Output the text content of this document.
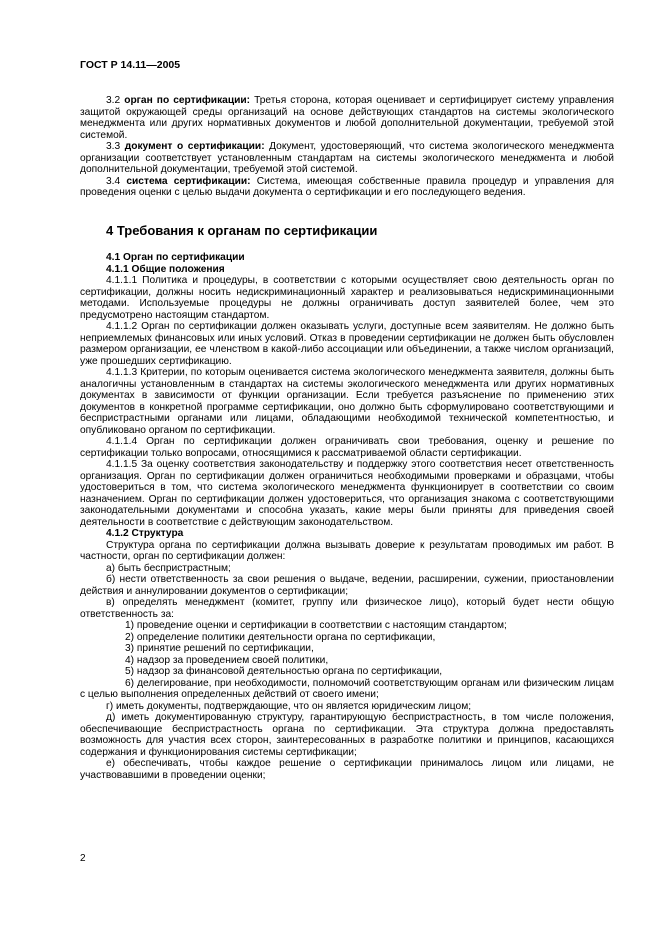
ГОСТ Р 14.11—2005

3.2 орган по сертификации: Третья сторона, которая оценивает и сертифицирует систему управления защитой окружающей среды организаций на основе действующих стандартов на системы экологического менеджмента или других нормативных документов и любой дополнительной документации, требуемой этой системой.

3.3 документ о сертификации: Документ, удостоверяющий, что система экологического менеджмента организации соответствует установленным стандартам на системы экологического менеджмента и любой дополнительной документации, требуемой этой системой.

3.4 система сертификации: Система, имеющая собственные правила процедур и управления для проведения оценки с целью выдачи документа о сертификации и его последующего ведения.

4 Требования к органам по сертификации

4.1 Орган по сертификации

4.1.1 Общие положения

4.1.1.1 Политика и процедуры, в соответствии с которыми осуществляет свою деятельность орган по сертификации, должны носить недискриминационный характер и реализовываться недискриминационными методами. Используемые процедуры не должны ограничивать доступ заявителей более, чем это предусмотрено настоящим стандартом.

4.1.1.2 Орган по сертификации должен оказывать услуги, доступные всем заявителям. Не должно быть неприемлемых финансовых или иных условий. Отказ в проведении сертификации не должен быть обусловлен размером организации, ее членством в какой-либо ассоциации или объединении, а также числом организаций, уже прошедших сертификацию.

4.1.1.3 Критерии, по которым оценивается система экологического менеджмента заявителя, должны быть аналогичны установленным в стандартах на системы экологического менеджмента или других нормативных документах в зависимости от функции организации. Если требуется разъяснение по применению этих документов в конкретной программе сертификации, оно должно быть сформулировано соответствующими и беспристрастными органами или лицами, обладающими необходимой технической компетентностью, и опубликовано органом по сертификации.

4.1.1.4 Орган по сертификации должен ограничивать свои требования, оценку и решение по сертификации только вопросами, относящимися к рассматриваемой области сертификации.

4.1.1.5 За оценку соответствия законодательству и поддержку этого соответствия несет ответственность организация. Орган по сертификации должен ограничиться необходимыми проверками и образцами, чтобы удостовериться в том, что система экологического менеджмента функционирует в соответствии со своим назначением. Орган по сертификации должен удостовериться, что организация знакома с соответствующими законодательными документами и способна указать, какие меры были приняты для приведения своей деятельности в соответствие с действующим законодательством.

4.1.2 Структура

Структура органа по сертификации должна вызывать доверие к результатам проводимых им работ. В частности, орган по сертификации должен:

а) быть беспристрастным;

б) нести ответственность за свои решения о выдаче, ведении, расширении, сужении, приостановлении действия и аннулировании документов о сертификации;

в) определять менеджмент (комитет, группу или физическое лицо), который будет нести общую ответственность за:

1) проведение оценки и сертификации в соответствии с настоящим стандартом;

2) определение политики деятельности органа по сертификации,

3) принятие решений по сертификации,

4) надзор за проведением своей политики,

5) надзор за финансовой деятельностью органа по сертификации,

6) делегирование, при необходимости, полномочий соответствующим органам или физическим лицам с целью выполнения определенных действий от своего имени;

г) иметь документы, подтверждающие, что он является юридическим лицом;

д) иметь документированную структуру, гарантирующую беспристрастность, в том числе положения, обеспечивающие беспристрастность органа по сертификации. Эта структура должна предоставлять возможность для участия всех сторон, заинтересованных в разработке политики и принципов, касающихся содержания и функционирования системы сертификации;

е) обеспечивать, чтобы каждое решение о сертификации принималось лицом или лицами, не участвовавшими в проведении оценки;

2
